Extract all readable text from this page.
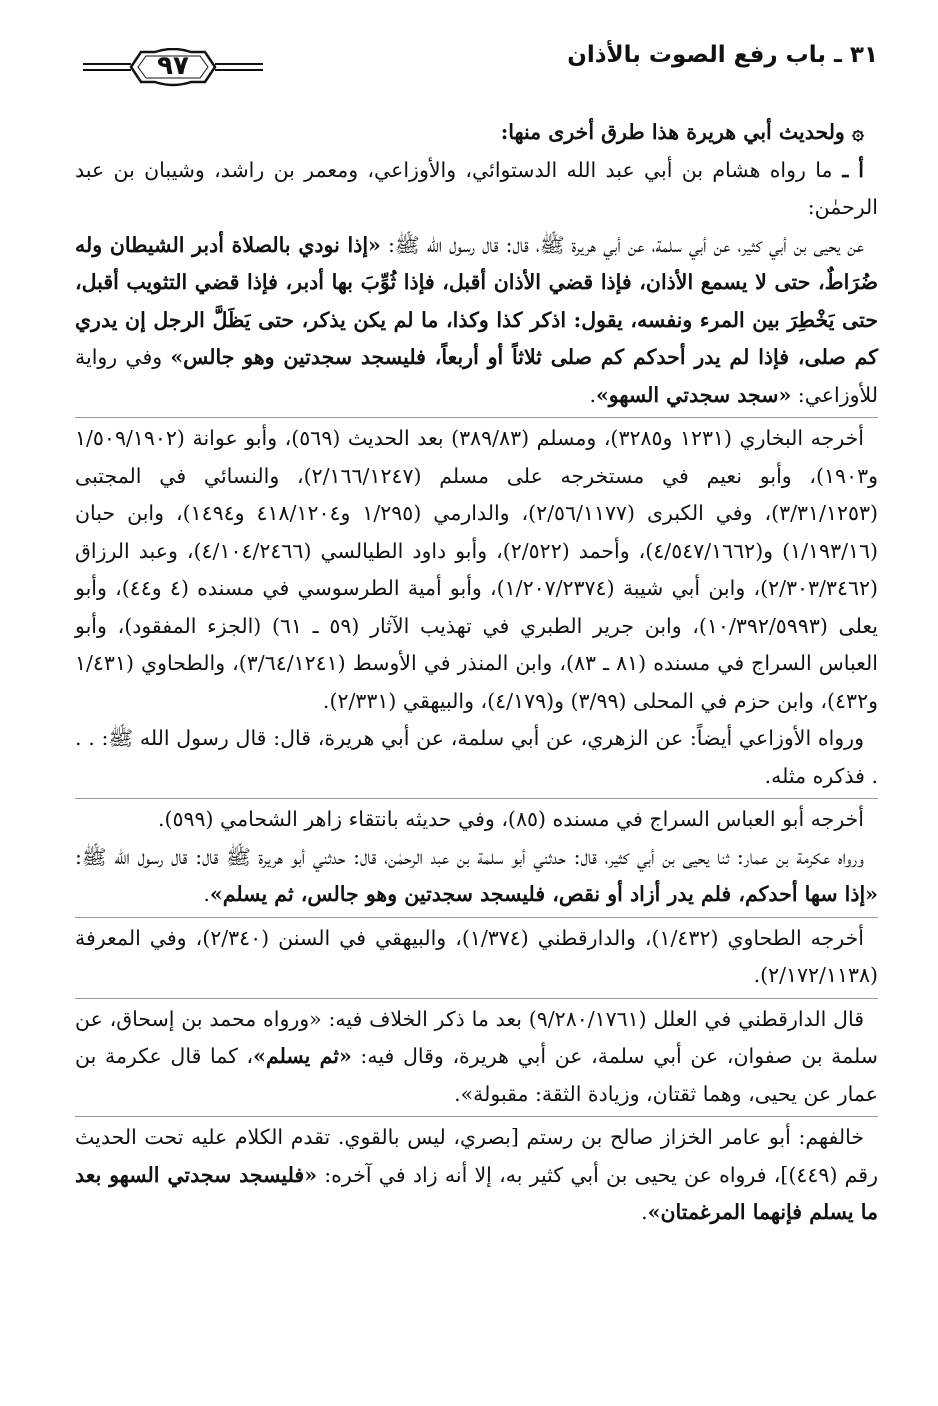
٣١ ـ باب رفع الصوت بالأذان
٩٧

۞ ولحديث أبي هريرة هذا طرق أخرى منها:

أ ـ ما رواه هشام بن أبي عبد الله الدستوائي، والأوزاعي، ومعمر بن راشد، وشيبان بن عبد الرحمٰن:

عن يحيى بن أبي كثير، عن أبي سلمة، عن أبي هريرة ﷺ، قال: قال رسول الله ﷺ: «إذا نودي بالصلاة أدبر الشيطان وله ضُرَاطٌ، حتى لا يسمع الأذان، فإذا قضي الأذان أقبل، فإذا ثُوِّبَ بها أدبر، فإذا قضي التثويب أقبل، حتى يَخْطِرَ بين المرء ونفسه، يقول: اذكر كذا وكذا، ما لم يكن يذكر، حتى يَظَلَّ الرجل إن يدري كم صلى، فإذا لم يدر أحدكم كم صلى ثلاثاً أو أربعاً، فليسجد سجدتين وهو جالس» وفي رواية للأوزاعي: «سجد سجدتي السهو».

أخرجه البخاري (١٢٣١ و٣٢٨٥)، ومسلم (٣٨٩/٨٣) بعد الحديث (٥٦٩)، وأبو عوانة (١/٥٠٩/١٩٠٢ و١٩٠٣)، وأبو نعيم في مستخرجه على مسلم (٢/١٦٦/١٢٤٧)، والنسائي في المجتبى (٣/٣١/١٢٥٣)، وفي الكبرى (٢/٥٦/١١٧٧)، والدارمي (١/٢٩٥ و٤١٨/١٢٠٤ و١٤٩٤)، وابن حبان (١/١٩٣/١٦) و(٤/٥٤٧/١٦٦٢)، وأحمد (٢/٥٢٢)، وأبو داود الطيالسي (٤/١٠٤/٢٤٦٦)، وعبد الرزاق (٢/٣٠٣/٣٤٦٢)، وابن أبي شيبة (١/٢٠٧/٢٣٧٤)، وأبو أمية الطرسوسي في مسنده (٤ و٤٤)، وأبو يعلى (١٠/٣٩٢/٥٩٩٣)، وابن جرير الطبري في تهذيب الآثار (٥٩ ـ ٦١) (الجزء المفقود)، وأبو العباس السراج في مسنده (٨١ ـ ٨٣)، وابن المنذر في الأوسط (٣/٦٤/١٢٤١)، والطحاوي (١/٤٣١ و٤٣٢)، وابن حزم في المحلى (٣/٩٩) و(٤/١٧٩)، والبيهقي (٢/٣٣١).

ورواه الأوزاعي أيضاً: عن الزهري، عن أبي سلمة، عن أبي هريرة، قال: قال رسول الله ﷺ: . . . فذكره مثله.

أخرجه أبو العباس السراج في مسنده (٨٥)، وفي حديثه بانتقاء زاهر الشحامي (٥٩٩).

ورواه عكرمة بن عمار: ثنا يحيى بن أبي كثير، قال: حدثني أبو سلمة بن عبد الرحمٰن، قال: حدثني أبو هريرة ﷺ قال: قال رسول الله ﷺ: «إذا سها أحدكم، فلم يدر أزاد أو نقص، فليسجد سجدتين وهو جالس، ثم يسلم».

أخرجه الطحاوي (١/٤٣٢)، والدارقطني (١/٣٧٤)، والبيهقي في السنن (٢/٣٤٠)، وفي المعرفة (٢/١٧٢/١١٣٨).

قال الدارقطني في العلل (٩/٢٨٠/١٧٦١) بعد ما ذكر الخلاف فيه: «ورواه محمد بن إسحاق، عن سلمة بن صفوان، عن أبي سلمة، عن أبي هريرة، وقال فيه: «ثم يسلم»، كما قال عكرمة بن عمار عن يحيى، وهما ثقتان، وزيادة الثقة: مقبولة».

خالفهم: أبو عامر الخزاز صالح بن رستم [بصري، ليس بالقوي. تقدم الكلام عليه تحت الحديث رقم (٤٤٩)]، فرواه عن يحيى بن أبي كثير به، إلا أنه زاد في آخره: «فليسجد سجدتي السهو بعد ما يسلم فإنهما المرغمتان».
